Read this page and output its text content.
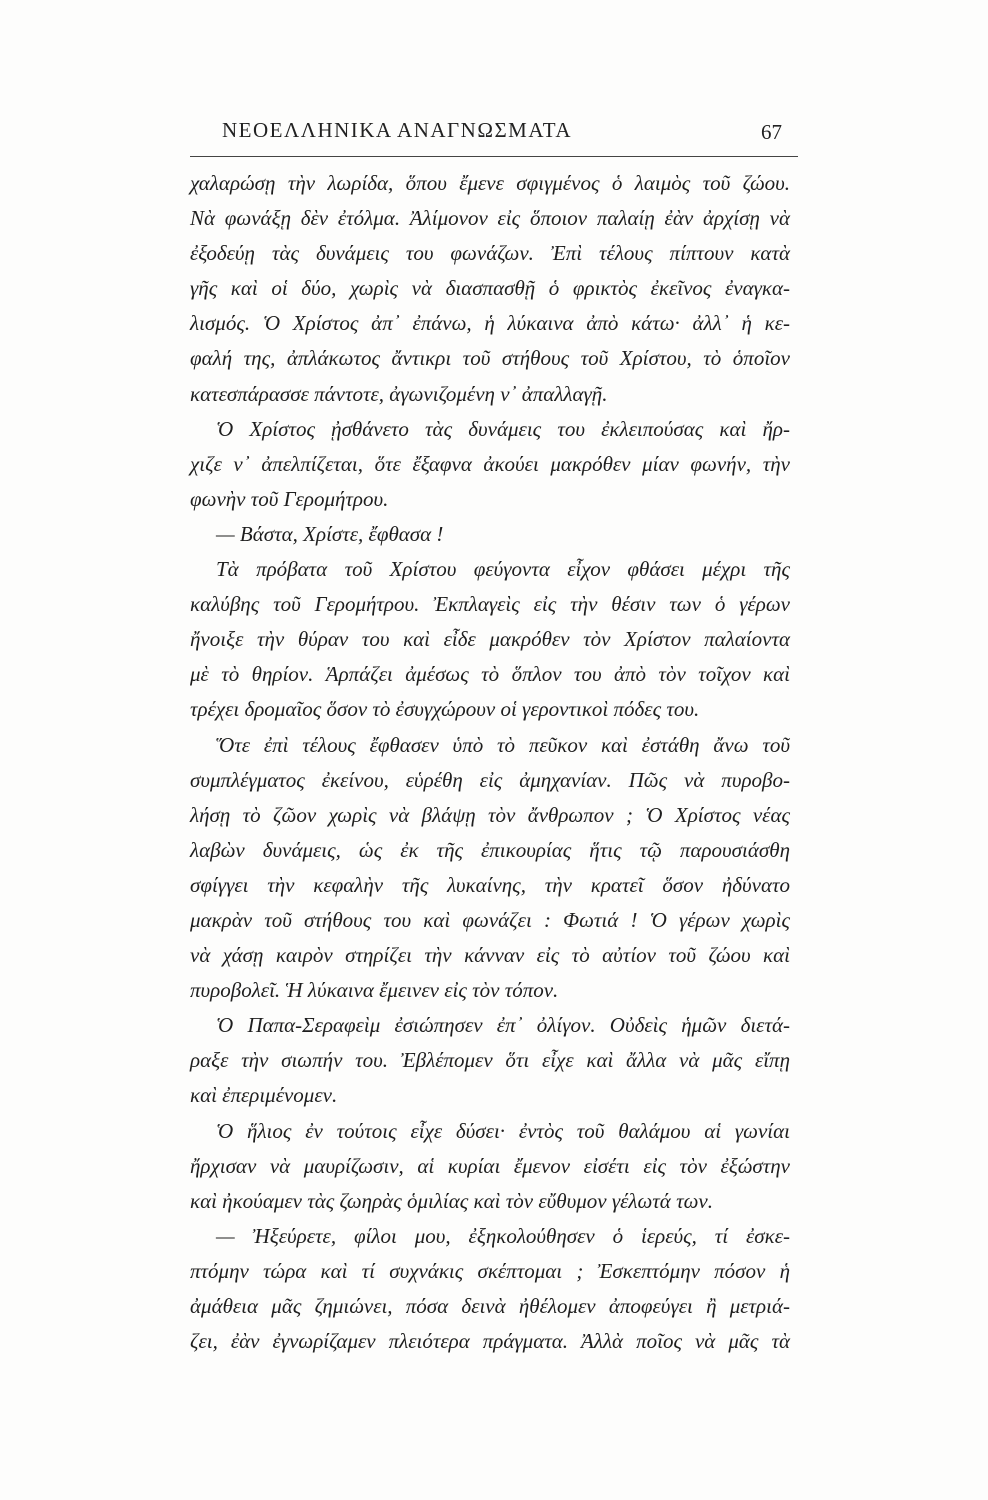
ΝΕΟΕΛΛΗΝΙΚΑ ΑΝΑΓΝΩΣΜΑΤΑ	67
χαλαρώσῃ τὴν λωρίδα, ὅπου ἔμενε σφιγμένος ὁ λαιμὸς τοῦ ζώου.
Νὰ φωνάξῃ δὲν ἐτόλμα. Ἀλίμονον εἰς ὅποιον παλαίῃ ἐὰν ἀρχίσῃ νὰ
ἐξοδεύῃ τὰς δυνάμεις του φωνάζων. Ἐπὶ τέλους πίπτουν κατὰ
γῆς καὶ οἱ δύο, χωρὶς νὰ διασπασθῇ ὁ φρικτὸς ἐκεῖνος ἐναγκα-
λισμός. Ὁ Χρίστος ἀπ᾽ ἐπάνω, ἡ λύκαινα ἀπὸ κάτω· ἀλλ᾽ ἡ κε-
φαλή της, ἀπλάκωτος ἄντικρι τοῦ στήθους τοῦ Χρίστου, τὸ ὁποῖον
κατεσπάρασσε πάντοτε, ἀγωνιζομένη ν᾽ ἀπαλλαγῇ.
Ὁ Χρίστος ᾐσθάνετο τὰς δυνάμεις του ἐκλειπούσας καὶ ἤρ-
χιζε ν᾽ ἀπελπίζεται, ὅτε ἔξαφνα ἀκούει μακρόθεν μίαν φωνήν, τὴν
φωνὴν τοῦ Γερομήτρου.
— Βάστα, Χρίστε, ἔφθασα !
Τὰ πρόβατα τοῦ Χρίστου φεύγοντα εἶχον φθάσει μέχρι τῆς
καλύβης τοῦ Γερομήτρου. Ἐκπλαγεὶς εἰς τὴν θέσιν των ὁ γέρων
ἤνοιξε τὴν θύραν του καὶ εἶδε μακρόθεν τὸν Χρίστον παλαίοντα
μὲ τὸ θηρίον. Ἁρπάζει ἀμέσως τὸ ὅπλον του ἀπὸ τὸν τοῖχον καὶ
τρέχει δρομαῖος ὅσον τὸ ἐσυγχώρουν οἱ γεροντικοὶ πόδες του.
Ὅτε ἐπὶ τέλους ἔφθασεν ὑπὸ τὸ πεῦκον καὶ ἐστάθη ἄνω τοῦ
συμπλέγματος ἐκείνου, εὑρέθη εἰς ἀμηχανίαν. Πῶς νὰ πυροβο-
λήσῃ τὸ ζῶον χωρὶς νὰ βλάψῃ τὸν ἄνθρωπον ; Ὁ Χρίστος νέας
λαβὼν δυνάμεις, ὡς ἐκ τῆς ἐπικουρίας ἥτις τῷ παρουσιάσθη
σφίγγει τὴν κεφαλὴν τῆς λυκαίνης, τὴν κρατεῖ ὅσον ἠδύνατο
μακρὰν τοῦ στήθους του καὶ φωνάζει : Φωτιά ! Ὁ γέρων χωρὶς
νὰ χάσῃ καιρὸν στηρίζει τὴν κάνναν εἰς τὸ αὐτίον τοῦ ζώου καὶ
πυροβολεῖ. Ἡ λύκαινα ἔμεινεν εἰς τὸν τόπον.
Ὁ Παπα-Σεραφεὶμ ἐσιώπησεν ἐπ᾽ ὀλίγον. Οὐδεὶς ἡμῶν διετά-
ραξε τὴν σιωπήν του. Ἐβλέπομεν ὅτι εἶχε καὶ ἄλλα νὰ μᾶς εἴπῃ
καὶ ἐπεριμένομεν.
Ὁ ἥλιος ἐν τούτοις εἶχε δύσει· ἐντὸς τοῦ θαλάμου αἱ γωνίαι
ἤρχισαν νὰ μαυρίζωσιν, αἱ κυρίαι ἔμενον εἰσέτι εἰς τὸν ἐξώστην
καὶ ἠκούαμεν τὰς ζωηρὰς ὁμιλίας καὶ τὸν εὔθυμον γέλωτά των.
— Ἠξεύρετε, φίλοι μου, ἐξηκολούθησεν ὁ ἱερεύς, τί ἐσκε-
πτόμην τώρα καὶ τί συχνάκις σκέπτομαι ; Ἐσκεπτόμην πόσον ἡ
ἀμάθεια μᾶς ζημιώνει, πόσα δεινὰ ἠθέλομεν ἀποφεύγει ἢ μετριά-
ζει, ἐὰν ἐγνωρίζαμεν πλειότερα πράγματα. Ἀλλὰ ποῖος νὰ μᾶς τὰ
